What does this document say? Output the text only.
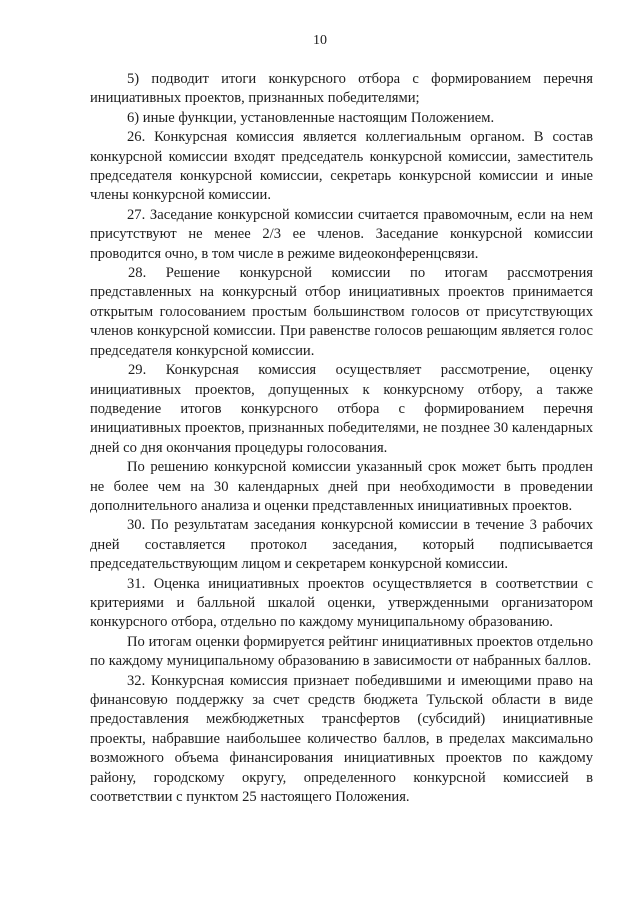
10

5) подводит итоги конкурсного отбора с формированием перечня инициативных проектов, признанных победителями;

6) иные функции, установленные настоящим Положением.

26. Конкурсная комиссия является коллегиальным органом. В состав конкурсной комиссии входят председатель конкурсной комиссии, заместитель председателя конкурсной комиссии, секретарь конкурсной комиссии и иные члены конкурсной комиссии.

27. Заседание конкурсной комиссии считается правомочным, если на нем присутствуют не менее 2/3 ее членов. Заседание конкурсной комиссии проводится очно, в том числе в режиме видеоконференцсвязи.

28. Решение конкурсной комиссии по итогам рассмотрения представленных на конкурсный отбор инициативных проектов принимается открытым голосованием простым большинством голосов от присутствующих членов конкурсной комиссии. При равенстве голосов решающим является голос председателя конкурсной комиссии.

29. Конкурсная комиссия осуществляет рассмотрение, оценку инициативных проектов, допущенных к конкурсному отбору, а также подведение итогов конкурсного отбора с формированием перечня инициативных проектов, признанных победителями, не позднее 30 календарных дней со дня окончания процедуры голосования.

По решению конкурсной комиссии указанный срок может быть продлен не более чем на 30 календарных дней при необходимости в проведении дополнительного анализа и оценки представленных инициативных проектов.

30. По результатам заседания конкурсной комиссии в течение 3 рабочих дней составляется протокол заседания, который подписывается председательствующим лицом и секретарем конкурсной комиссии.

31. Оценка инициативных проектов осуществляется в соответствии с критериями и балльной шкалой оценки, утвержденными организатором конкурсного отбора, отдельно по каждому муниципальному образованию.

По итогам оценки формируется рейтинг инициативных проектов отдельно по каждому муниципальному образованию в зависимости от набранных баллов.

32. Конкурсная комиссия признает победившими и имеющими право на финансовую поддержку за счет средств бюджета Тульской области в виде предоставления межбюджетных трансфертов (субсидий) инициативные проекты, набравшие наибольшее количество баллов, в пределах максимально возможного объема финансирования инициативных проектов по каждому району, городскому округу, определенного конкурсной комиссией в соответствии с пунктом 25 настоящего Положения.
